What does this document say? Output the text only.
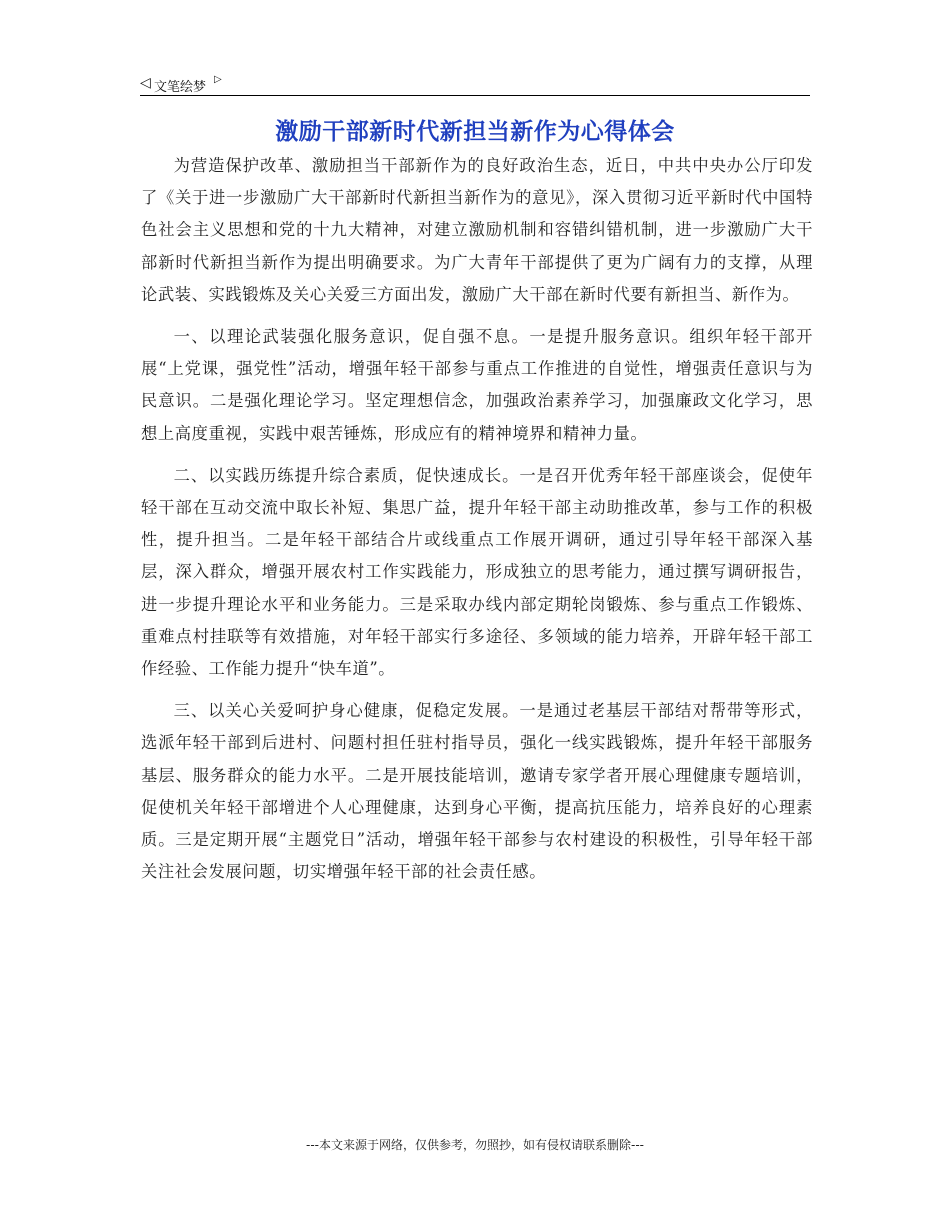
◁ 文笔绘梦
▷
激励干部新时代新担当新作为心得体会

为营造保护改革、激励担当干部新作为的良好政治生态，近日，中共中央办公厅印发了《关于进一步激励广大干部新时代新担当新作为的意见》，深入贯彻习近平新时代中国特色社会主义思想和党的十九大精神，对建立激励机制和容错纠错机制，进一步激励广大干部新时代新担当新作为提出明确要求。为广大青年干部提供了更为广阔有力的支撑，从理论武装、实践锻炼及关心关爱三方面出发，激励广大干部在新时代要有新担当、新作为。

一、以理论武装强化服务意识，促自强不息。一是提升服务意识。组织年轻干部开展“上党课，强党性”活动，增强年轻干部参与重点工作推进的自觉性，增强责任意识与为民意识。二是强化理论学习。坚定理想信念，加强政治素养学习，加强廉政文化学习，思想上高度重视，实践中艰苦锤炼，形成应有的精神境界和精神力量。

二、以实践历练提升综合素质，促快速成长。一是召开优秀年轻干部座谈会，促使年轻干部在互动交流中取长补短、集思广益，提升年轻干部主动助推改革，参与工作的积极性，提升担当。二是年轻干部结合片或线重点工作展开调研，通过引导年轻干部深入基层，深入群众，增强开展农村工作实践能力，形成独立的思考能力，通过撰写调研报告，进一步提升理论水平和业务能力。三是采取办线内部定期轮岗锻炼、参与重点工作锻炼、重难点村挂联等有效措施，对年轻干部实行多途径、多领域的能力培养，开辟年轻干部工作经验、工作能力提升“快车道”。

三、以关心关爱呵护身心健康，促稳定发展。一是通过老基层干部结对帮带等形式，选派年轻干部到后进村、问题村担任驻村指导员，强化一线实践锻炼，提升年轻干部服务基层、服务群众的能力水平。二是开展技能培训，邀请专家学者开展心理健康专题培训，促使机关年轻干部增进个人心理健康，达到身心平衡，提高抗压能力，培养良好的心理素质。三是定期开展“主题党日”活动，增强年轻干部参与农村建设的积极性，引导年轻干部关注社会发展问题，切实增强年轻干部的社会责任感。

---本文来源于网络，仅供参考，勿照抄，如有侵权请联系删除---
